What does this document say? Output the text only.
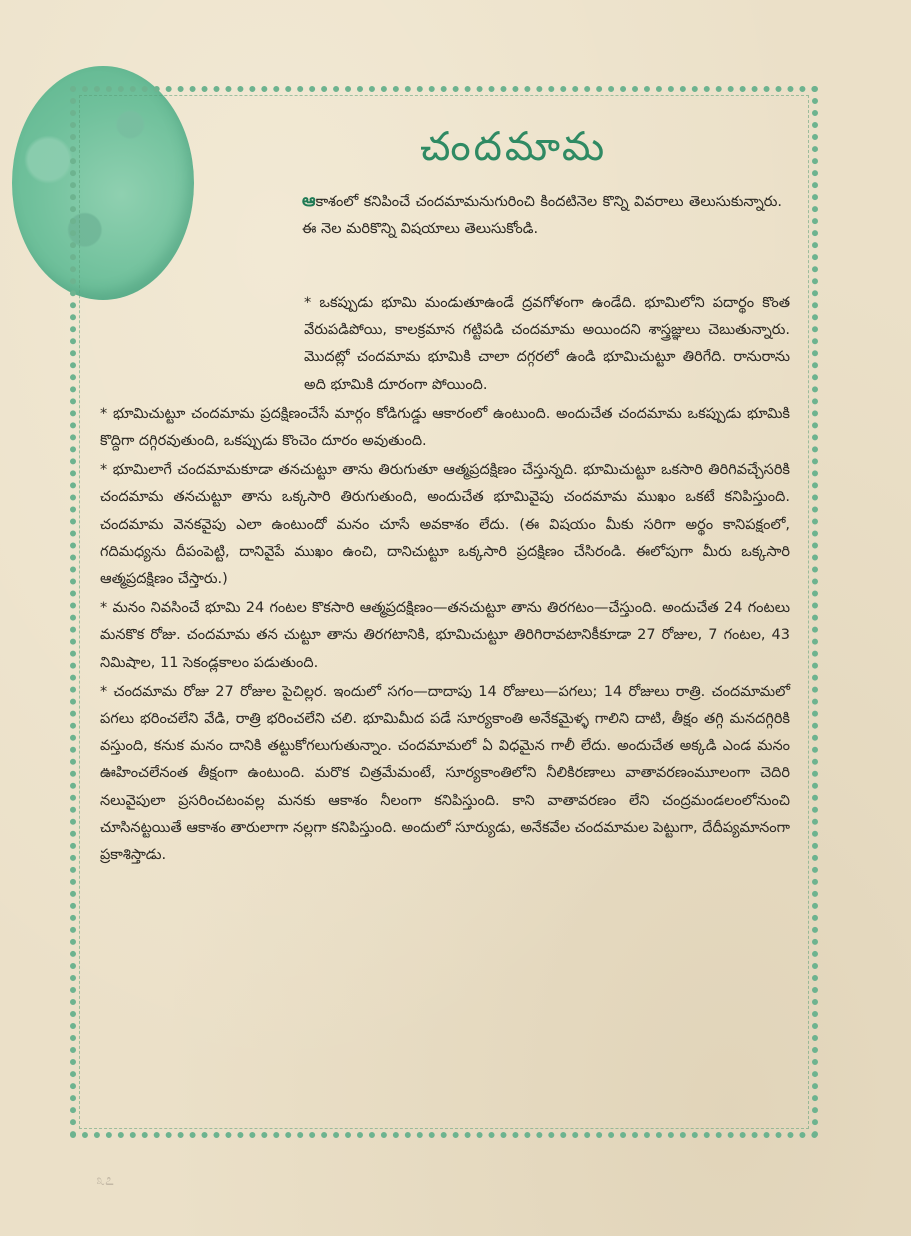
చందమామ
ఆకాశంలో కనిపించే చందమామనుగురించి కిందటినెల కొన్ని వివరాలు తెలుసుకున్నారు. ఈ నెల మరికొన్ని విషయాలు తెలుసుకోండి.

* ఒకప్పుడు భూమి మండుతూఉండే ద్రవగోళంగా ఉండేది. భూమిలోని పదార్థం కొంత వేరుపడిపోయి, కాలక్రమాన గట్టిపడి చందమామ అయిందని శాస్త్రజ్ఞులు చెబుతున్నారు. మొదట్లో చందమామ భూమికి చాలా దగ్గరలో ఉండి భూమిచుట్టూ తిరిగేది. రానురాను అది భూమికి దూరంగా పోయింది.

* భూమిచుట్టూ చందమామ ప్రదక్షిణంచేసే మార్గం కోడిగుడ్డు ఆకారంలో ఉంటుంది. అందుచేత చందమామ ఒకప్పుడు భూమికి కొద్దిగా దగ్గిరవుతుంది, ఒకప్పుడు కొంచెం దూరం అవుతుంది.

* భూమిలాగే చందమామకూడా తనచుట్టూ తాను తిరుగుతూ ఆత్మప్రదక్షిణం చేస్తున్నది. భూమిచుట్టూ ఒకసారి తిరిగివచ్చేసరికి చందమామ తనచుట్టూ తాను ఒక్కసారి తిరుగుతుంది, అందుచేత భూమివైపు చందమామ ముఖం ఒకటే కనిపిస్తుంది. చందమామ వెనకవైపు ఎలా ఉంటుందో మనం చూసే అవకాశం లేదు. (ఈ విషయం మీకు సరిగా అర్థం కానిపక్షంలో, గదిమధ్యను దీపంపెట్టి, దానివైపే ముఖం ఉంచి, దానిచుట్టూ ఒక్కసారి ప్రదక్షిణం చేసిరండి. ఈలోపుగా మీరు ఒక్కసారి ఆత్మప్రదక్షిణం చేస్తారు.)

* మనం నివసించే భూమి 24 గంటల కొకసారి ఆత్మప్రదక్షిణం—తనచుట్టూ తాను తిరగటం—చేస్తుంది. అందుచేత 24 గంటలు మనకొక రోజు. చందమామ తన చుట్టూ తాను తిరగటానికి, భూమిచుట్టూ తిరిగిరావటానికీకూడా 27 రోజుల, 7 గంటల, 43 నిమిషాల, 11 సెకండ్లకాలం పడుతుంది.

* చందమామ రోజు 27 రోజుల పైచిల్లర. ఇందులో సగం—దాదాపు 14 రోజులు—పగలు; 14 రోజులు రాత్రి. చందమామలో పగలు భరించలేని వేడి, రాత్రి భరించలేని చలి. భూమిమీద పడే సూర్యకాంతి అనేకమైళ్ళ గాలిని దాటి, తీక్షం తగ్గి మనదగ్గిరికి వస్తుంది, కనుక మనం దానికి తట్టుకోగలుగుతున్నాం. చందమామలో ఏ విధమైన గాలీ లేదు. అందుచేత అక్కడి ఎండ మనం ఊహించలేనంత తీక్షంగా ఉంటుంది. మరొక చిత్రమేమంటే, సూర్యకాంతిలోని నీలికిరణాలు వాతావరణంమూలంగా చెదిరి నలువైపులా ప్రసరించటంవల్ల మనకు ఆకాశం నీలంగా కనిపిస్తుంది. కాని వాతావరణం లేని చంద్రమండలంలోనుంచి చూసినట్టయితే ఆకాశం తారులాగా నల్లగా కనిపిస్తుంది. అందులో సూర్యుడు, అనేకవేల చందమామల పెట్టుగా, దేదీప్యమానంగా ప్రకాశిస్తాడు.

೩೭
